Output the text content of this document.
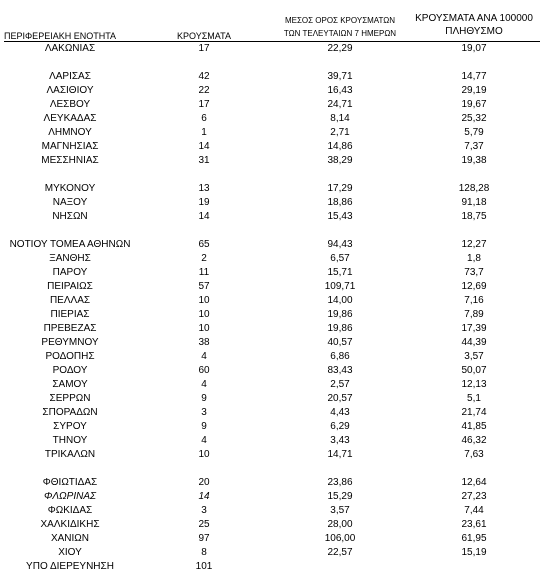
ΠΕΡΙΦΕΡΕΙΑΚΗ ΕΝΟΤΗΤΑ	ΚΡΟΥΣΜΑΤΑ
ΜΕΣΟΣ ΟΡΟΣ ΚΡΟΥΣΜΑΤΩΝ
ΤΩΝ ΤΕΛΕΥΤΑΙΩΝ 7 ΗΜΕΡΩΝ
ΚΡΟΥΣΜΑΤΑ ΑΝΑ 100000
ΠΛΗΘΥΣΜΟ
ΛΑΚΩΝΙΑΣ	17	22,29	19,07
ΛΑΡΙΣΑΣ	42	39,71	14,77
ΛΑΣΙΘΙΟΥ	22	16,43	29,19
ΛΕΣΒΟΥ	17	24,71	19,67
ΛΕΥΚΑΔΑΣ	6	8,14	25,32
ΛΗΜΝΟΥ	1	2,71	5,79
ΜΑΓΝΗΣΙΑΣ	14	14,86	7,37
ΜΕΣΣΗΝΙΑΣ	31	38,29	19,38
ΜΥΚΟΝΟΥ	13	17,29	128,28
ΝΑΞΟΥ	19	18,86	91,18
ΝΗΣΩΝ	14	15,43	18,75
ΝΟΤΙΟΥ ΤΟΜΕΑ ΑΘΗΝΩΝ	65	94,43	12,27
ΞΑΝΘΗΣ	2	6,57	1,8
ΠΑΡΟΥ	11	15,71	73,7
ΠΕΙΡΑΙΩΣ	57	109,71	12,69
ΠΕΛΛΑΣ	10	14,00	7,16
ΠΙΕΡΙΑΣ	10	19,86	7,89
ΠΡΕΒΕΖΑΣ	10	19,86	17,39
ΡΕΘΥΜΝΟΥ	38	40,57	44,39
ΡΟΔΟΠΗΣ	4	6,86	3,57
ΡΟΔΟΥ	60	83,43	50,07
ΣΑΜΟΥ	4	2,57	12,13
ΣΕΡΡΩΝ	9	20,57	5,1
ΣΠΟΡΑΔΩΝ	3	4,43	21,74
ΣΥΡΟΥ	9	6,29	41,85
ΤΗΝΟΥ	4	3,43	46,32
ΤΡΙΚΑΛΩΝ	10	14,71	7,63
ΦΘΙΩΤΙΔΑΣ	20	23,86	12,64
ΦΛΩΡΙΝΑΣ	14	15,29	27,23
ΦΩΚΙΔΑΣ	3	3,57	7,44
ΧΑΛΚΙΔΙΚΗΣ	25	28,00	23,61
ΧΑΝΙΩΝ	97	106,00	61,95
ΧΙΟΥ	8	22,57	15,19
ΥΠΟ ΔΙΕΡΕΥΝΗΣΗ	101
